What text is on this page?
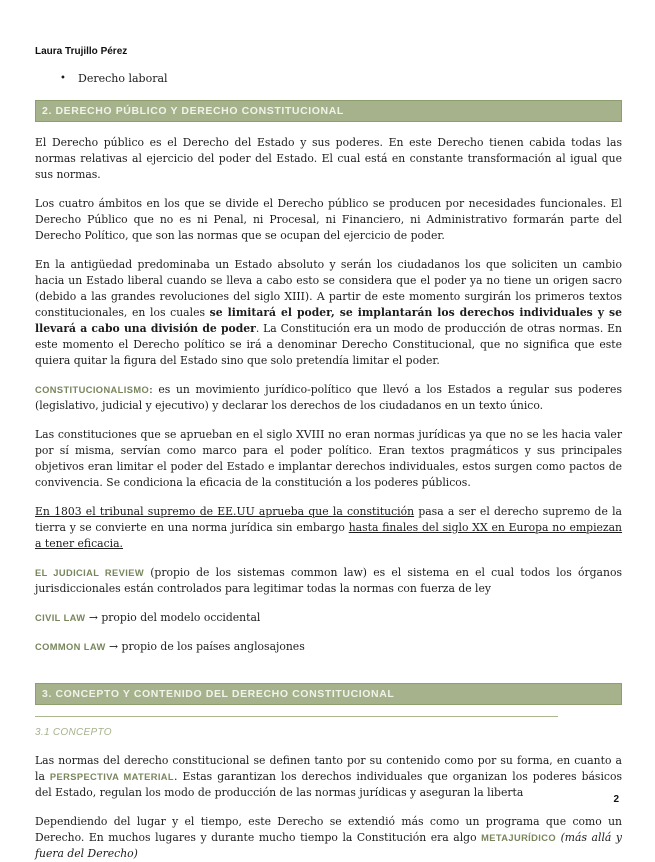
Laura Trujillo Pérez
• Derecho laboral
2. DERECHO PÚBLICO Y DERECHO CONSTITUCIONAL

El Derecho público es el Derecho del Estado y sus poderes. En este Derecho tienen cabida todas las normas relativas al ejercicio del poder del Estado. El cual está en constante transformación al igual que sus normas.

Los cuatro ámbitos en los que se divide el Derecho público se producen por necesidades funcionales. El Derecho Público que no es ni Penal, ni Procesal, ni Financiero, ni Administrativo formarán parte del Derecho Político, que son las normas que se ocupan del ejercicio de poder.

En la antigüedad predominaba un Estado absoluto y serán los ciudadanos los que soliciten un cambio hacia un Estado liberal cuando se lleva a cabo esto se considera que el poder ya no tiene un origen sacro (debido a las grandes revoluciones del siglo XIII). A partir de este momento surgirán los primeros textos constitucionales, en los cuales se limitará el poder, se implantarán los derechos individuales y se llevará a cabo una división de poder. La Constitución era un modo de producción de otras normas. En este momento el Derecho político se irá a denominar Derecho Constitucional, que no significa que este quiera quitar la figura del Estado sino que solo pretendía limitar el poder.

CONSTITUCIONALISMO: es un movimiento jurídico-político que llevó a los Estados a regular sus poderes (legislativo, judicial y ejecutivo) y declarar los derechos de los ciudadanos en un texto único.

Las constituciones que se aprueban en el siglo XVIII no eran normas jurídicas ya que no se les hacia valer por sí misma, servían como marco para el poder político. Eran textos pragmáticos y sus principales objetivos eran limitar el poder del Estado e implantar derechos individuales, estos surgen como pactos de convivencia. Se condiciona la eficacia de la constitución a los poderes públicos.

En 1803 el tribunal supremo de EE.UU aprueba que la constitución pasa a ser el derecho supremo de la tierra y se convierte en una norma jurídica sin embargo hasta finales del siglo XX en Europa no empiezan a tener eficacia.

EL JUDICIAL REVIEW (propio de los sistemas common law) es el sistema en el cual todos los órganos jurisdiccionales están controlados para legitimar todas la normas con fuerza de ley

CIVIL LAW → propio del modelo occidental

COMMON LAW → propio de los países anglosajones

3. CONCEPTO Y CONTENIDO DEL DERECHO CONSTITUCIONAL
3.1 CONCEPTO

Las normas del derecho constitucional se definen tanto por su contenido como por su forma, en cuanto a la PERSPECTIVA MATERIAL. Estas garantizan los derechos individuales que organizan los poderes básicos del Estado, regulan los modo de producción de las normas jurídicas y aseguran la liberta

Dependiendo del lugar y el tiempo, este Derecho se extendió más como un programa que como un Derecho. En muchos lugares y durante mucho tiempo la Constitución era algo METAJURÍDICO (más allá y fuera del Derecho)

2
